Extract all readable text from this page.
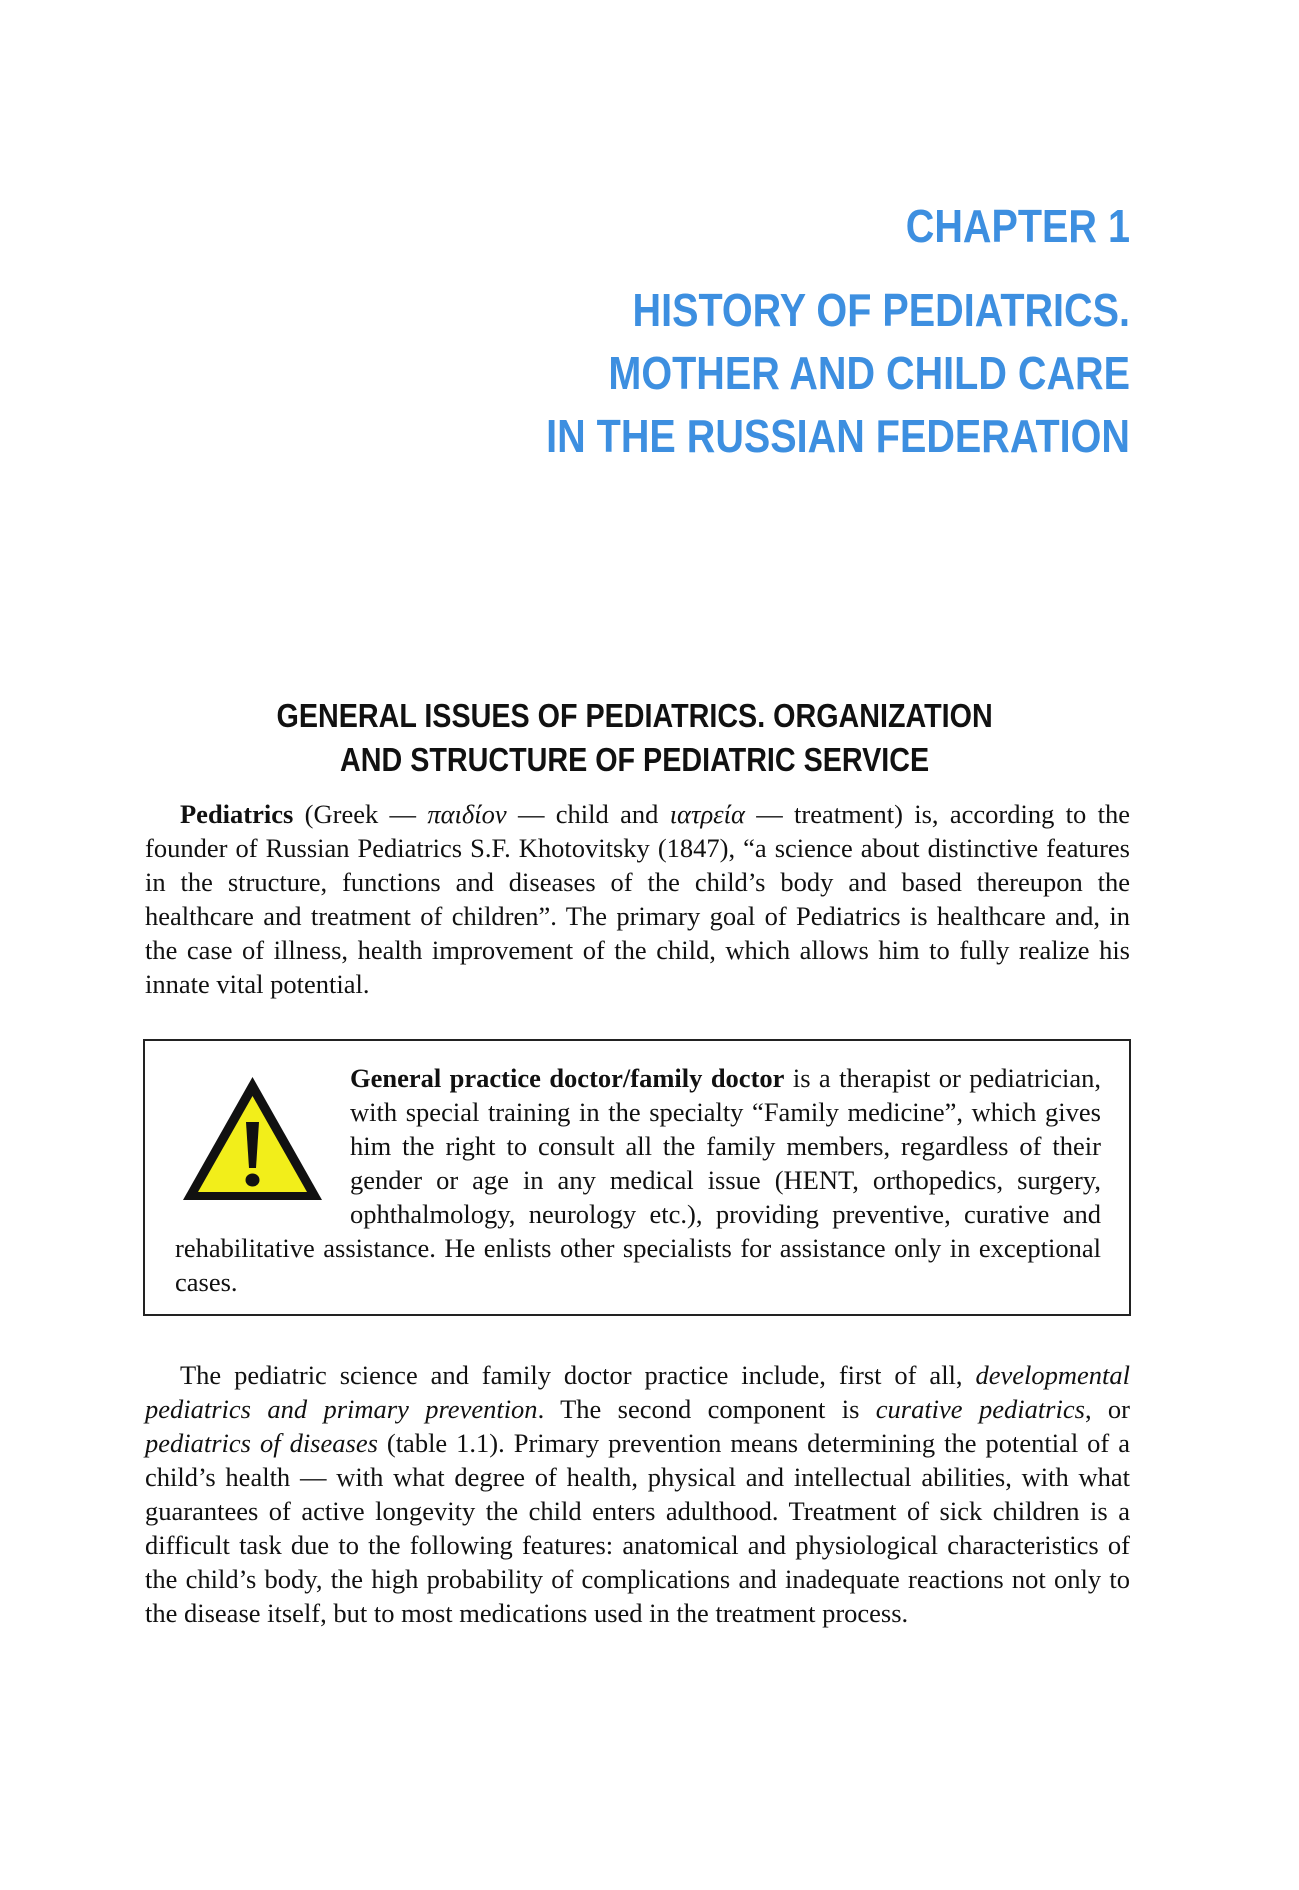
CHAPTER 1
HISTORY OF PEDIATRICS.
MOTHER AND CHILD CARE
IN THE RUSSIAN FEDERATION
GENERAL ISSUES OF PEDIATRICS. ORGANIZATION
AND STRUCTURE OF PEDIATRIC SERVICE

Pediatrics (Greek — παιδίον — child and ιατρεία — treatment) is, according to the founder of Russian Pediatrics S.F. Khotovitsky (1847), “a science about distinctive features in the structure, functions and diseases of the child’s body and based thereupon the healthcare and treatment of children”. The primary goal of Pediatrics is healthcare and, in the case of illness, health improvement of the child, which allows him to fully realize his innate vital potential.

General practice doctor/family doctor is a therapist or pediatrician, with special training in the specialty “Family medicine”, which gives him the right to consult all the family members, regardless of their gender or age in any medical issue (HENT, orthopedics, surgery, ophthalmology, neurology etc.), providing preventive, curative and rehabilitative assistance. He enlists other specialists for assistance only in exceptional cases.

The pediatric science and family doctor practice include, first of all, developmental pediatrics and primary prevention. The second component is curative pediatrics, or pediatrics of diseases (table 1.1). Primary prevention means determining the potential of a child’s health — with what degree of health, physical and intellectual abilities, with what guarantees of active longevity the child enters adulthood. Treatment of sick children is a difficult task due to the following features: anatomical and physiological characteristics of the child’s body, the high probability of complications and inadequate reactions not only to the disease itself, but to most medications used in the treatment process.
